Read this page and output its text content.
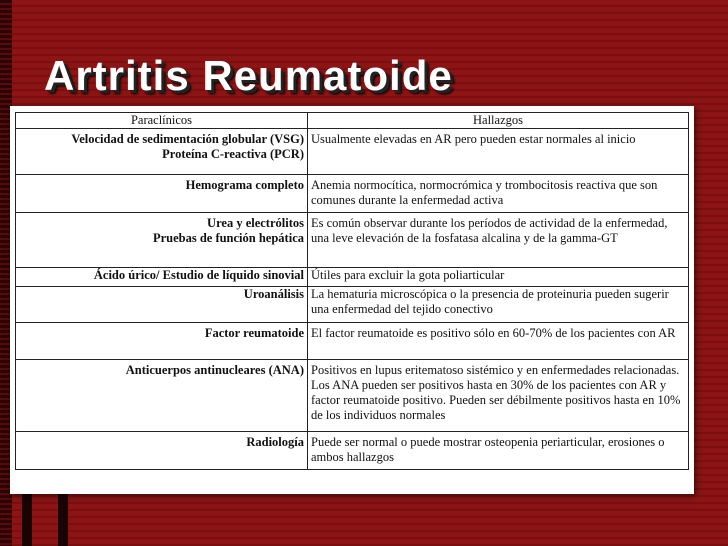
Artritis Reumatoide
Paraclínicos	Hallazgos

Velocidad de sedimentación globular (VSG)
Proteína C-reactiva (PCR)	Usualmente elevadas en AR pero pueden estar normales al inicio

Hemograma completo	Anemia normocítica, normocrómica y trombocitosis reactiva que son comunes durante la enfermedad activa

Urea y electrólitos
Pruebas de función hepática	Es común observar durante los períodos de actividad de la enfermedad, una leve elevación de la fosfatasa alcalina y de la gamma-GT

Ácido úrico/ Estudio de líquido sinovial	Útiles para excluir la gota poliarticular

Uroanálisis	La hematuria microscópica o la presencia de proteinuria pueden sugerir una enfermedad del tejido conectivo

Factor reumatoide	El factor reumatoide es positivo sólo en 60-70% de los pacientes con AR

Anticuerpos antinucleares (ANA)	Positivos en lupus eritematoso sistémico y en enfermedades relacionadas. Los ANA pueden ser positivos hasta en 30% de los pacientes con AR y factor reumatoide positivo. Pueden ser débilmente positivos hasta en 10% de los individuos normales

Radiología	Puede ser normal o puede mostrar osteopenia periarticular, erosiones o ambos hallazgos
